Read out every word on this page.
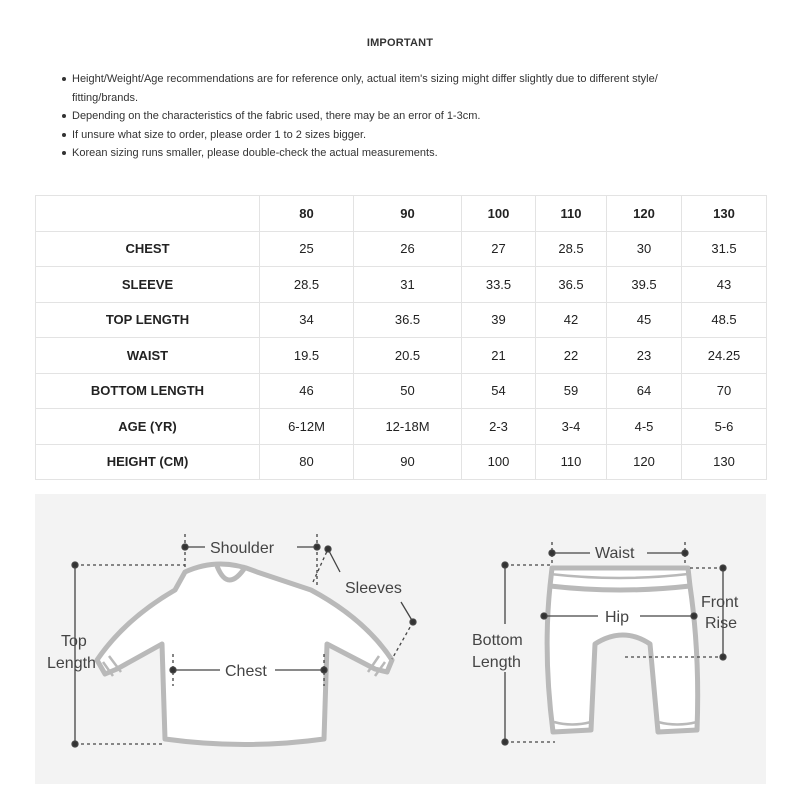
IMPORTANT
Height/Weight/Age recommendations are for reference only, actual item's sizing might differ slightly due to different style/
fitting/brands.
Depending on the characteristics of the fabric used, there may be an error of 1-3cm.
If unsure what size to order, please order 1 to 2 sizes bigger.
Korean sizing runs smaller, please double-check the actual measurements.
	80	90	100	110	120	130
CHEST	25	26	27	28.5	30	31.5
SLEEVE	28.5	31	33.5	36.5	39.5	43
TOP LENGTH	34	36.5	39	42	45	48.5
WAIST	19.5	20.5	21	22	23	24.25
BOTTOM LENGTH	46	50	54	59	64	70
AGE (YR)	6-12M	12-18M	2-3	3-4	4-5	5-6
HEIGHT (CM)	80	90	100	110	120	130
Top
Length
Shoulder
Sleeves
Chest
Waist
Hip
Front
Rise
Bottom
Length
